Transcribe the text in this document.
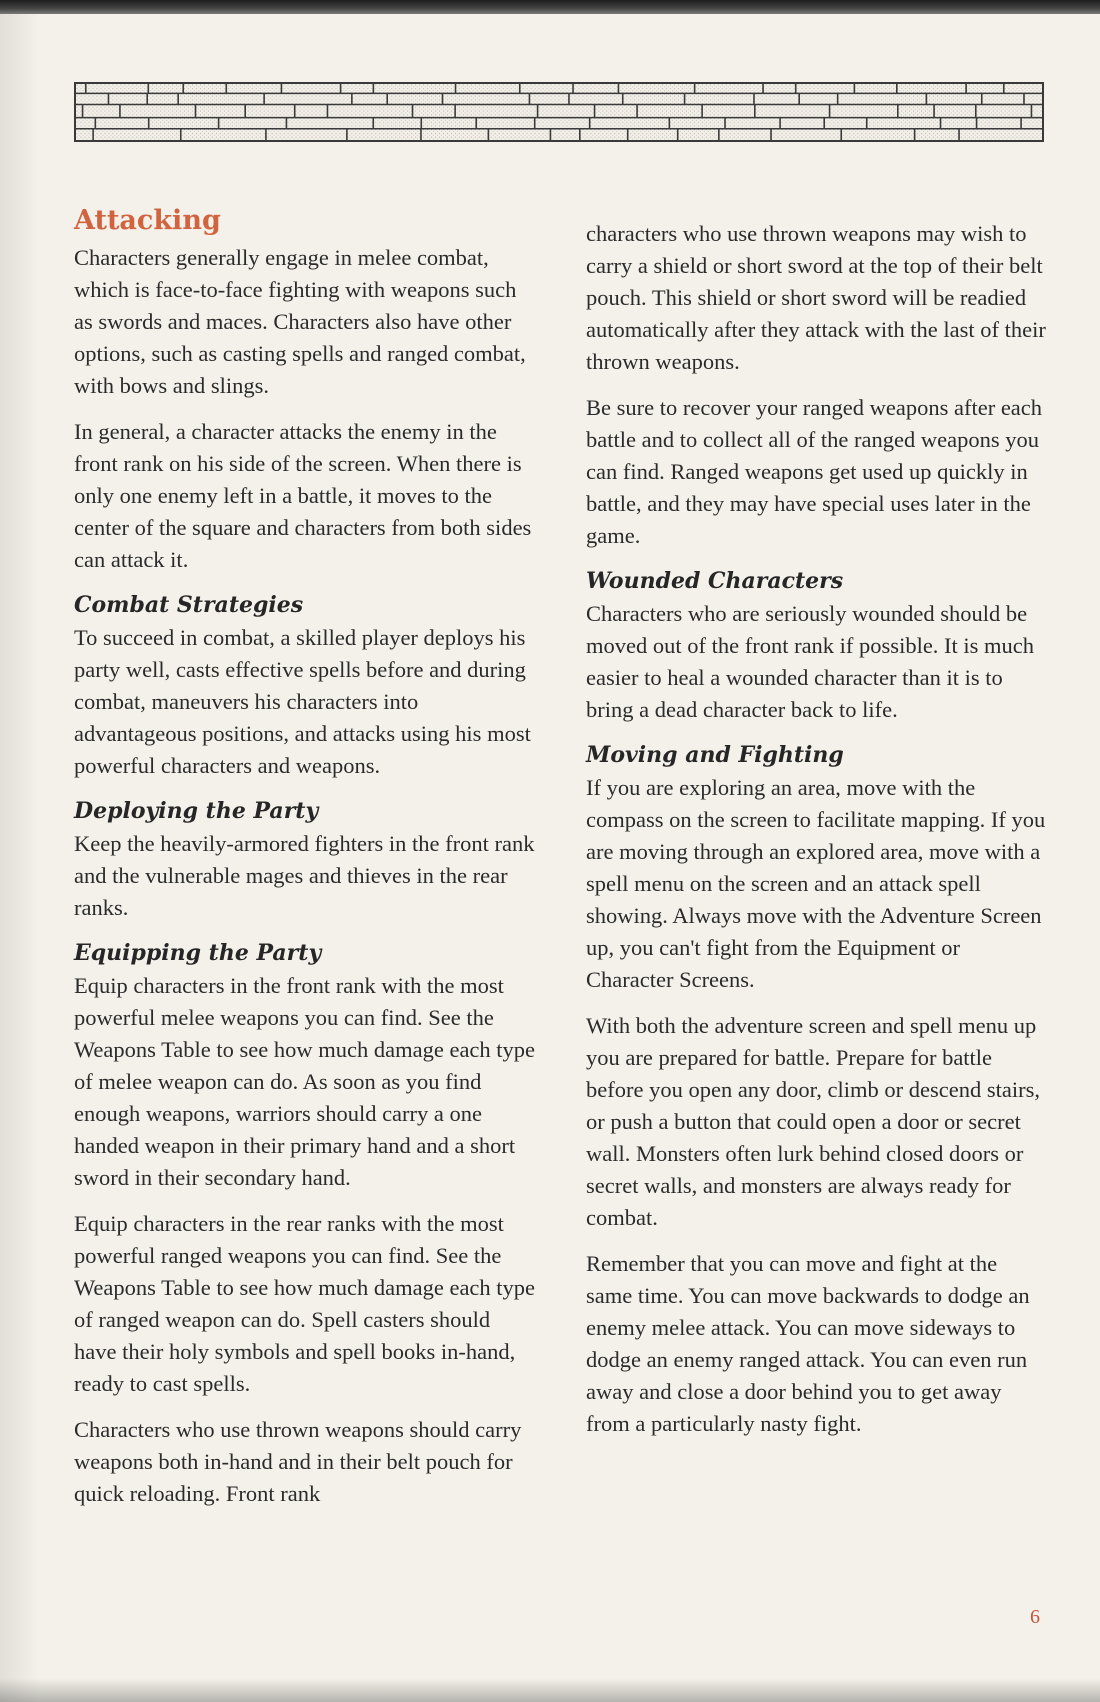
Attacking

Characters generally engage in melee combat, which is face-to-face fighting with weapons such as swords and maces. Characters also have other options, such as casting spells and ranged combat, with bows and slings.

In general, a character attacks the enemy in the front rank on his side of the screen. When there is only one enemy left in a battle, it moves to the center of the square and characters from both sides can attack it.

Combat Strategies

To succeed in combat, a skilled player deploys his party well, casts effective spells before and during combat, maneuvers his characters into advantageous positions, and attacks using his most powerful characters and weapons.

Deploying the Party

Keep the heavily-armored fighters in the front rank and the vulnerable mages and thieves in the rear ranks.

Equipping the Party

Equip characters in the front rank with the most powerful melee weapons you can find. See the Weapons Table to see how much damage each type of melee weapon can do. As soon as you find enough weapons, warriors should carry a one handed weapon in their primary hand and a short sword in their secondary hand.

Equip characters in the rear ranks with the most powerful ranged weapons you can find. See the Weapons Table to see how much damage each type of ranged weapon can do. Spell casters should have their holy symbols and spell books in-hand, ready to cast spells.

Characters who use thrown weapons should carry weapons both in-hand and in their belt pouch for quick reloading. Front rank

characters who use thrown weapons may wish to carry a shield or short sword at the top of their belt pouch. This shield or short sword will be readied automatically after they attack with the last of their thrown weapons.

Be sure to recover your ranged weapons after each battle and to collect all of the ranged weapons you can find. Ranged weapons get used up quickly in battle, and they may have special uses later in the game.

Wounded Characters

Characters who are seriously wounded should be moved out of the front rank if possible. It is much easier to heal a wounded character than it is to bring a dead character back to life.

Moving and Fighting

If you are exploring an area, move with the compass on the screen to facilitate mapping. If you are moving through an explored area, move with a spell menu on the screen and an attack spell showing. Always move with the Adventure Screen up, you can't fight from the Equipment or Character Screens.

With both the adventure screen and spell menu up you are prepared for battle. Prepare for battle before you open any door, climb or descend stairs, or push a button that could open a door or secret wall. Monsters often lurk behind closed doors or secret walls, and monsters are always ready for combat.

Remember that you can move and fight at the same time. You can move backwards to dodge an enemy melee attack. You can move sideways to dodge an enemy ranged attack. You can even run away and close a door behind you to get away from a particularly nasty fight.

6
